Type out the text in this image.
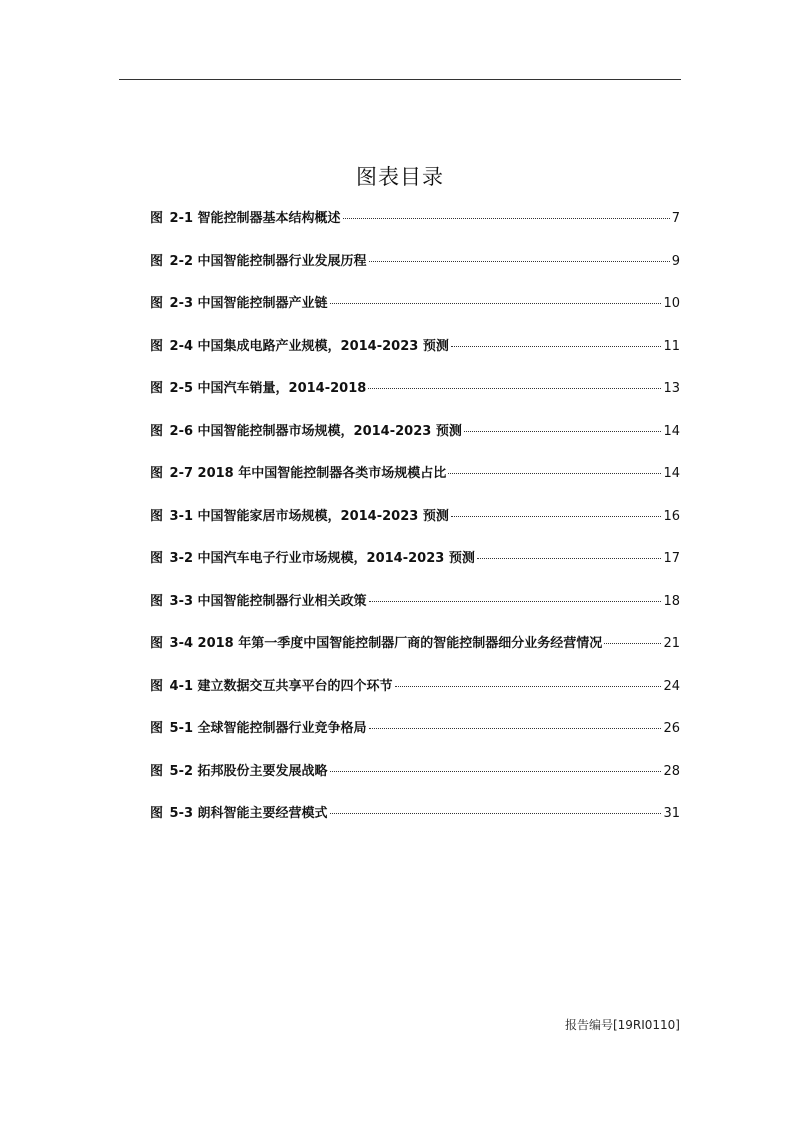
图表目录
图 2-1 智能控制器基本结构概述	7
图 2-2 中国智能控制器行业发展历程	9
图 2-3 中国智能控制器产业链	10
图 2-4 中国集成电路产业规模，2014-2023 预测	11
图 2-5 中国汽车销量，2014-2018	13
图 2-6 中国智能控制器市场规模，2014-2023 预测	14
图 2-7 2018 年中国智能控制器各类市场规模占比	14
图 3-1 中国智能家居市场规模，2014-2023 预测	16
图 3-2 中国汽车电子行业市场规模，2014-2023 预测	17
图 3-3 中国智能控制器行业相关政策	18
图 3-4 2018 年第一季度中国智能控制器厂商的智能控制器细分业务经营情况	21
图 4-1 建立数据交互共享平台的四个环节	24
图 5-1 全球智能控制器行业竞争格局	26
图 5-2 拓邦股份主要发展战略	28
图 5-3 朗科智能主要经营模式	31
报告编号[19RI0110]
